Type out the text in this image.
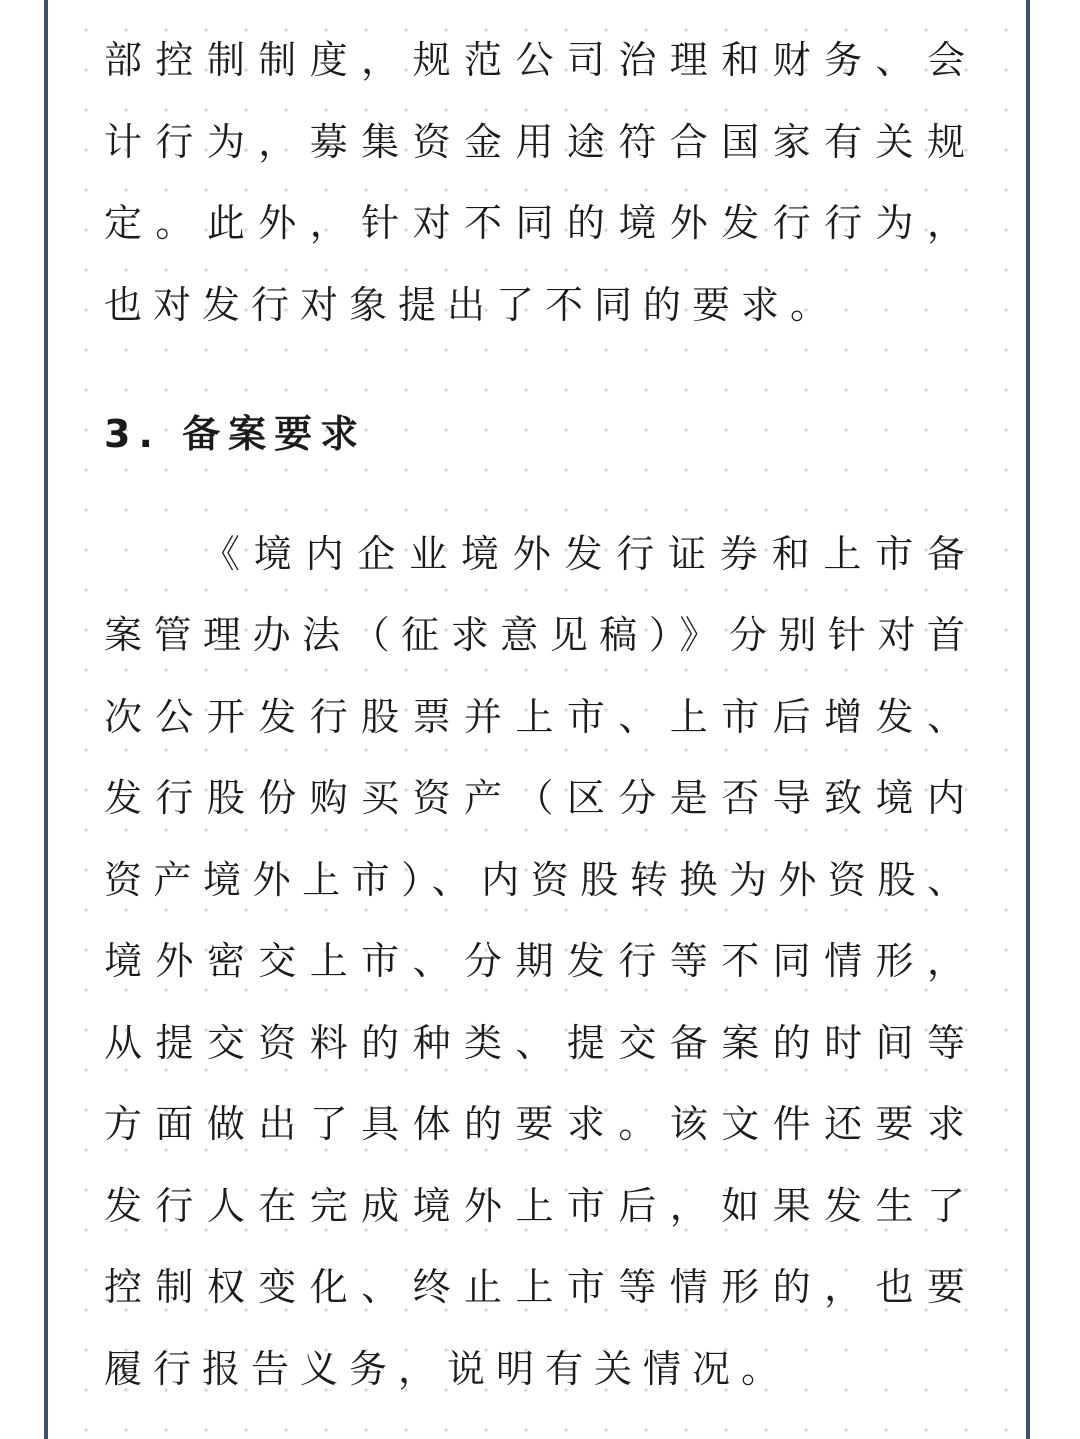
部控制制度，规范公司治理和财务、会计行为，募集资金用途符合国家有关规定。此外，针对不同的境外发行行为，也对发行对象提出了不同的要求。

3. 备案要求

《境内企业境外发行证券和上市备案管理办法（征求意见稿）》分别针对首次公开发行股票并上市、上市后增发、发行股份购买资产（区分是否导致境内资产境外上市）、内资股转换为外资股、境外密交上市、分期发行等不同情形，从提交资料的种类、提交备案的时间等方面做出了具体的要求。该文件还要求发行人在完成境外上市后，如果发生了控制权变化、终止上市等情形的，也要履行报告义务，说明有关情况。
